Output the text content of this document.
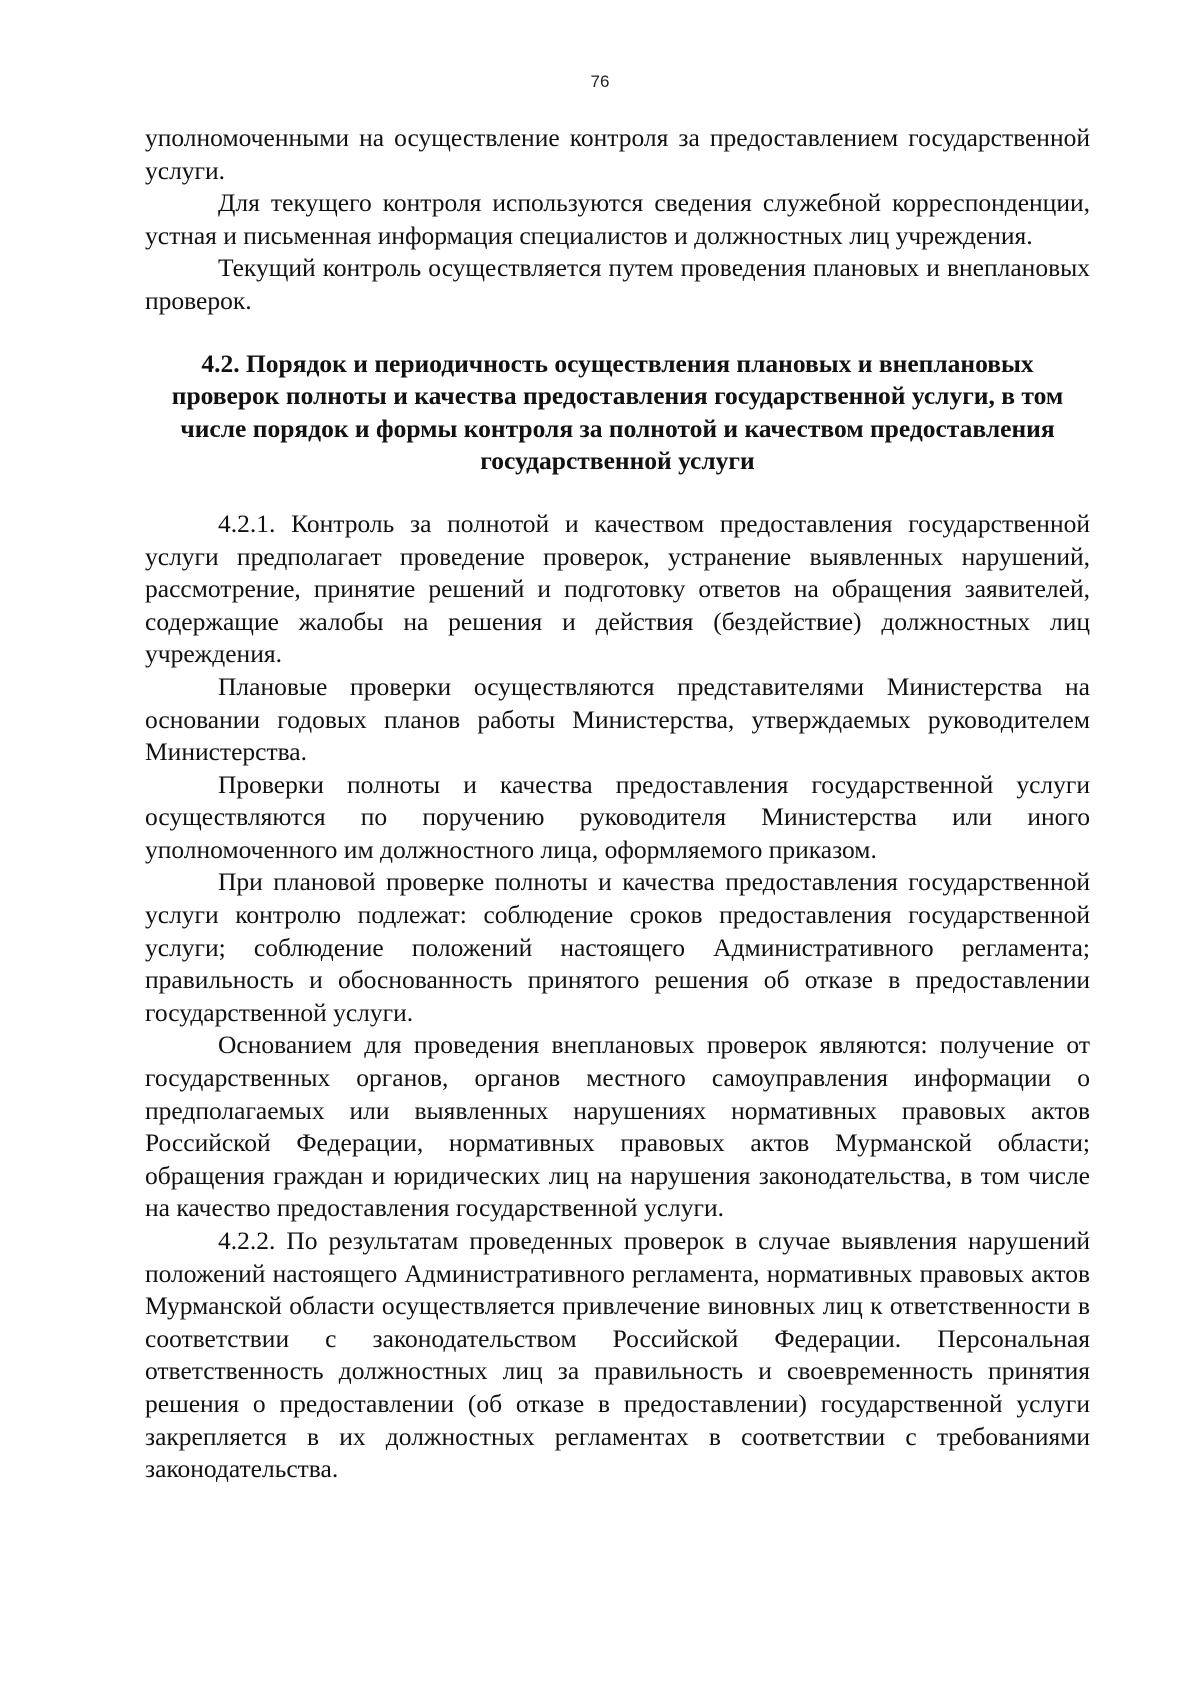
76

уполномоченными на осуществление контроля за предоставлением государственной услуги.

Для текущего контроля используются сведения служебной корреспонденции, устная и письменная информация специалистов и должностных лиц учреждения.

Текущий контроль осуществляется путем проведения плановых и внеплановых проверок.

4.2. Порядок и периодичность осуществления плановых и внеплановых проверок полноты и качества предоставления государственной услуги, в том числе порядок и формы контроля за полнотой и качеством предоставления государственной услуги

4.2.1. Контроль за полнотой и качеством предоставления государственной услуги предполагает проведение проверок, устранение выявленных нарушений, рассмотрение, принятие решений и подготовку ответов на обращения заявителей, содержащие жалобы на решения и действия (бездействие) должностных лиц учреждения.

Плановые проверки осуществляются представителями Министерства на основании годовых планов работы Министерства, утверждаемых руководителем Министерства.

Проверки полноты и качества предоставления государственной услуги осуществляются по поручению руководителя Министерства или иного уполномоченного им должностного лица, оформляемого приказом.

При плановой проверке полноты и качества предоставления государственной услуги контролю подлежат: соблюдение сроков предоставления государственной услуги; соблюдение положений настоящего Административного регламента; правильность и обоснованность принятого решения об отказе в предоставлении государственной услуги.

Основанием для проведения внеплановых проверок являются: получение от государственных органов, органов местного самоуправления информации о предполагаемых или выявленных нарушениях нормативных правовых актов Российской Федерации, нормативных правовых актов Мурманской области; обращения граждан и юридических лиц на нарушения законодательства, в том числе на качество предоставления государственной услуги.

4.2.2. По результатам проведенных проверок в случае выявления нарушений положений настоящего Административного регламента, нормативных правовых актов Мурманской области осуществляется привлечение виновных лиц к ответственности в соответствии с законодательством Российской Федерации. Персональная ответственность должностных лиц за правильность и своевременность принятия решения о предоставлении (об отказе в предоставлении) государственной услуги закрепляется в их должностных регламентах в соответствии с требованиями законодательства.
